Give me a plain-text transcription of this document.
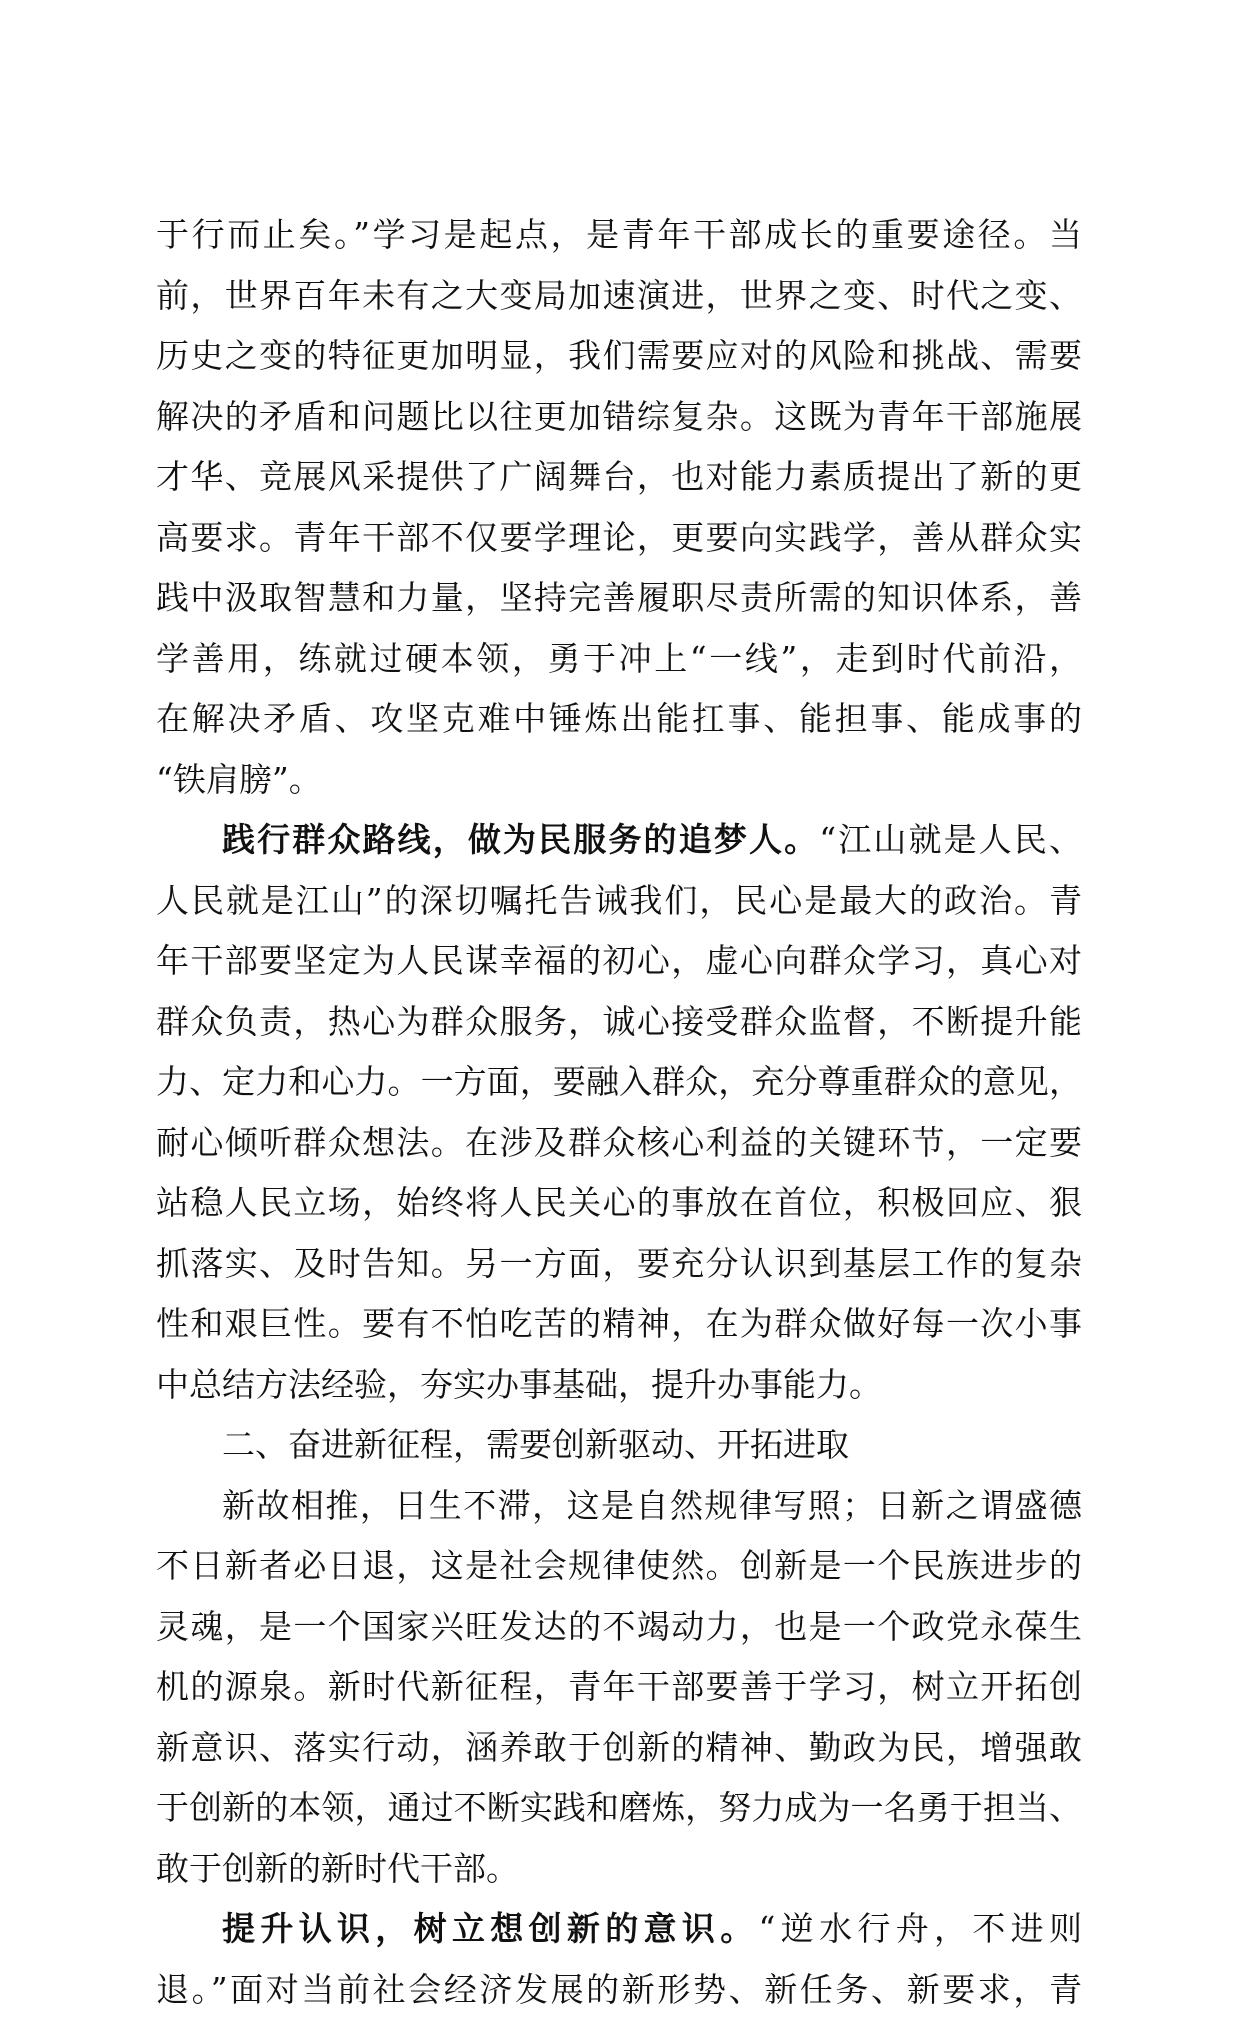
于行而止矣。”学习是起点，是青年干部成长的重要途径。当
前，世界百年未有之大变局加速演进，世界之变、时代之变、
历史之变的特征更加明显，我们需要应对的风险和挑战、需要
解决的矛盾和问题比以往更加错综复杂。这既为青年干部施展
才华、竞展风采提供了广阔舞台，也对能力素质提出了新的更
高要求。青年干部不仅要学理论，更要向实践学，善从群众实
践中汲取智慧和力量，坚持完善履职尽责所需的知识体系，善
学善用，练就过硬本领，勇于冲上“一线”，走到时代前沿，
在解决矛盾、攻坚克难中锤炼出能扛事、能担事、能成事的
“铁肩膀”。
践行群众路线，做为民服务的追梦人。“江山就是人民、
人民就是江山”的深切嘱托告诫我们，民心是最大的政治。青
年干部要坚定为人民谋幸福的初心，虚心向群众学习，真心对
群众负责，热心为群众服务，诚心接受群众监督，不断提升能
力、定力和心力。一方面，要融入群众，充分尊重群众的意见，
耐心倾听群众想法。在涉及群众核心利益的关键环节，一定要
站稳人民立场，始终将人民关心的事放在首位，积极回应、狠
抓落实、及时告知。另一方面，要充分认识到基层工作的复杂
性和艰巨性。要有不怕吃苦的精神，在为群众做好每一次小事
中总结方法经验，夯实办事基础，提升办事能力。
二、奋进新征程，需要创新驱动、开拓进取
新故相推，日生不滞，这是自然规律写照；日新之谓盛德
不日新者必日退，这是社会规律使然。创新是一个民族进步的
灵魂，是一个国家兴旺发达的不竭动力，也是一个政党永葆生
机的源泉。新时代新征程，青年干部要善于学习，树立开拓创
新意识、落实行动，涵养敢于创新的精神、勤政为民，增强敢
于创新的本领，通过不断实践和磨炼，努力成为一名勇于担当、
敢于创新的新时代干部。
提升认识，树立想创新的意识。“逆水行舟，不进则
退。”面对当前社会经济发展的新形势、新任务、新要求，青
